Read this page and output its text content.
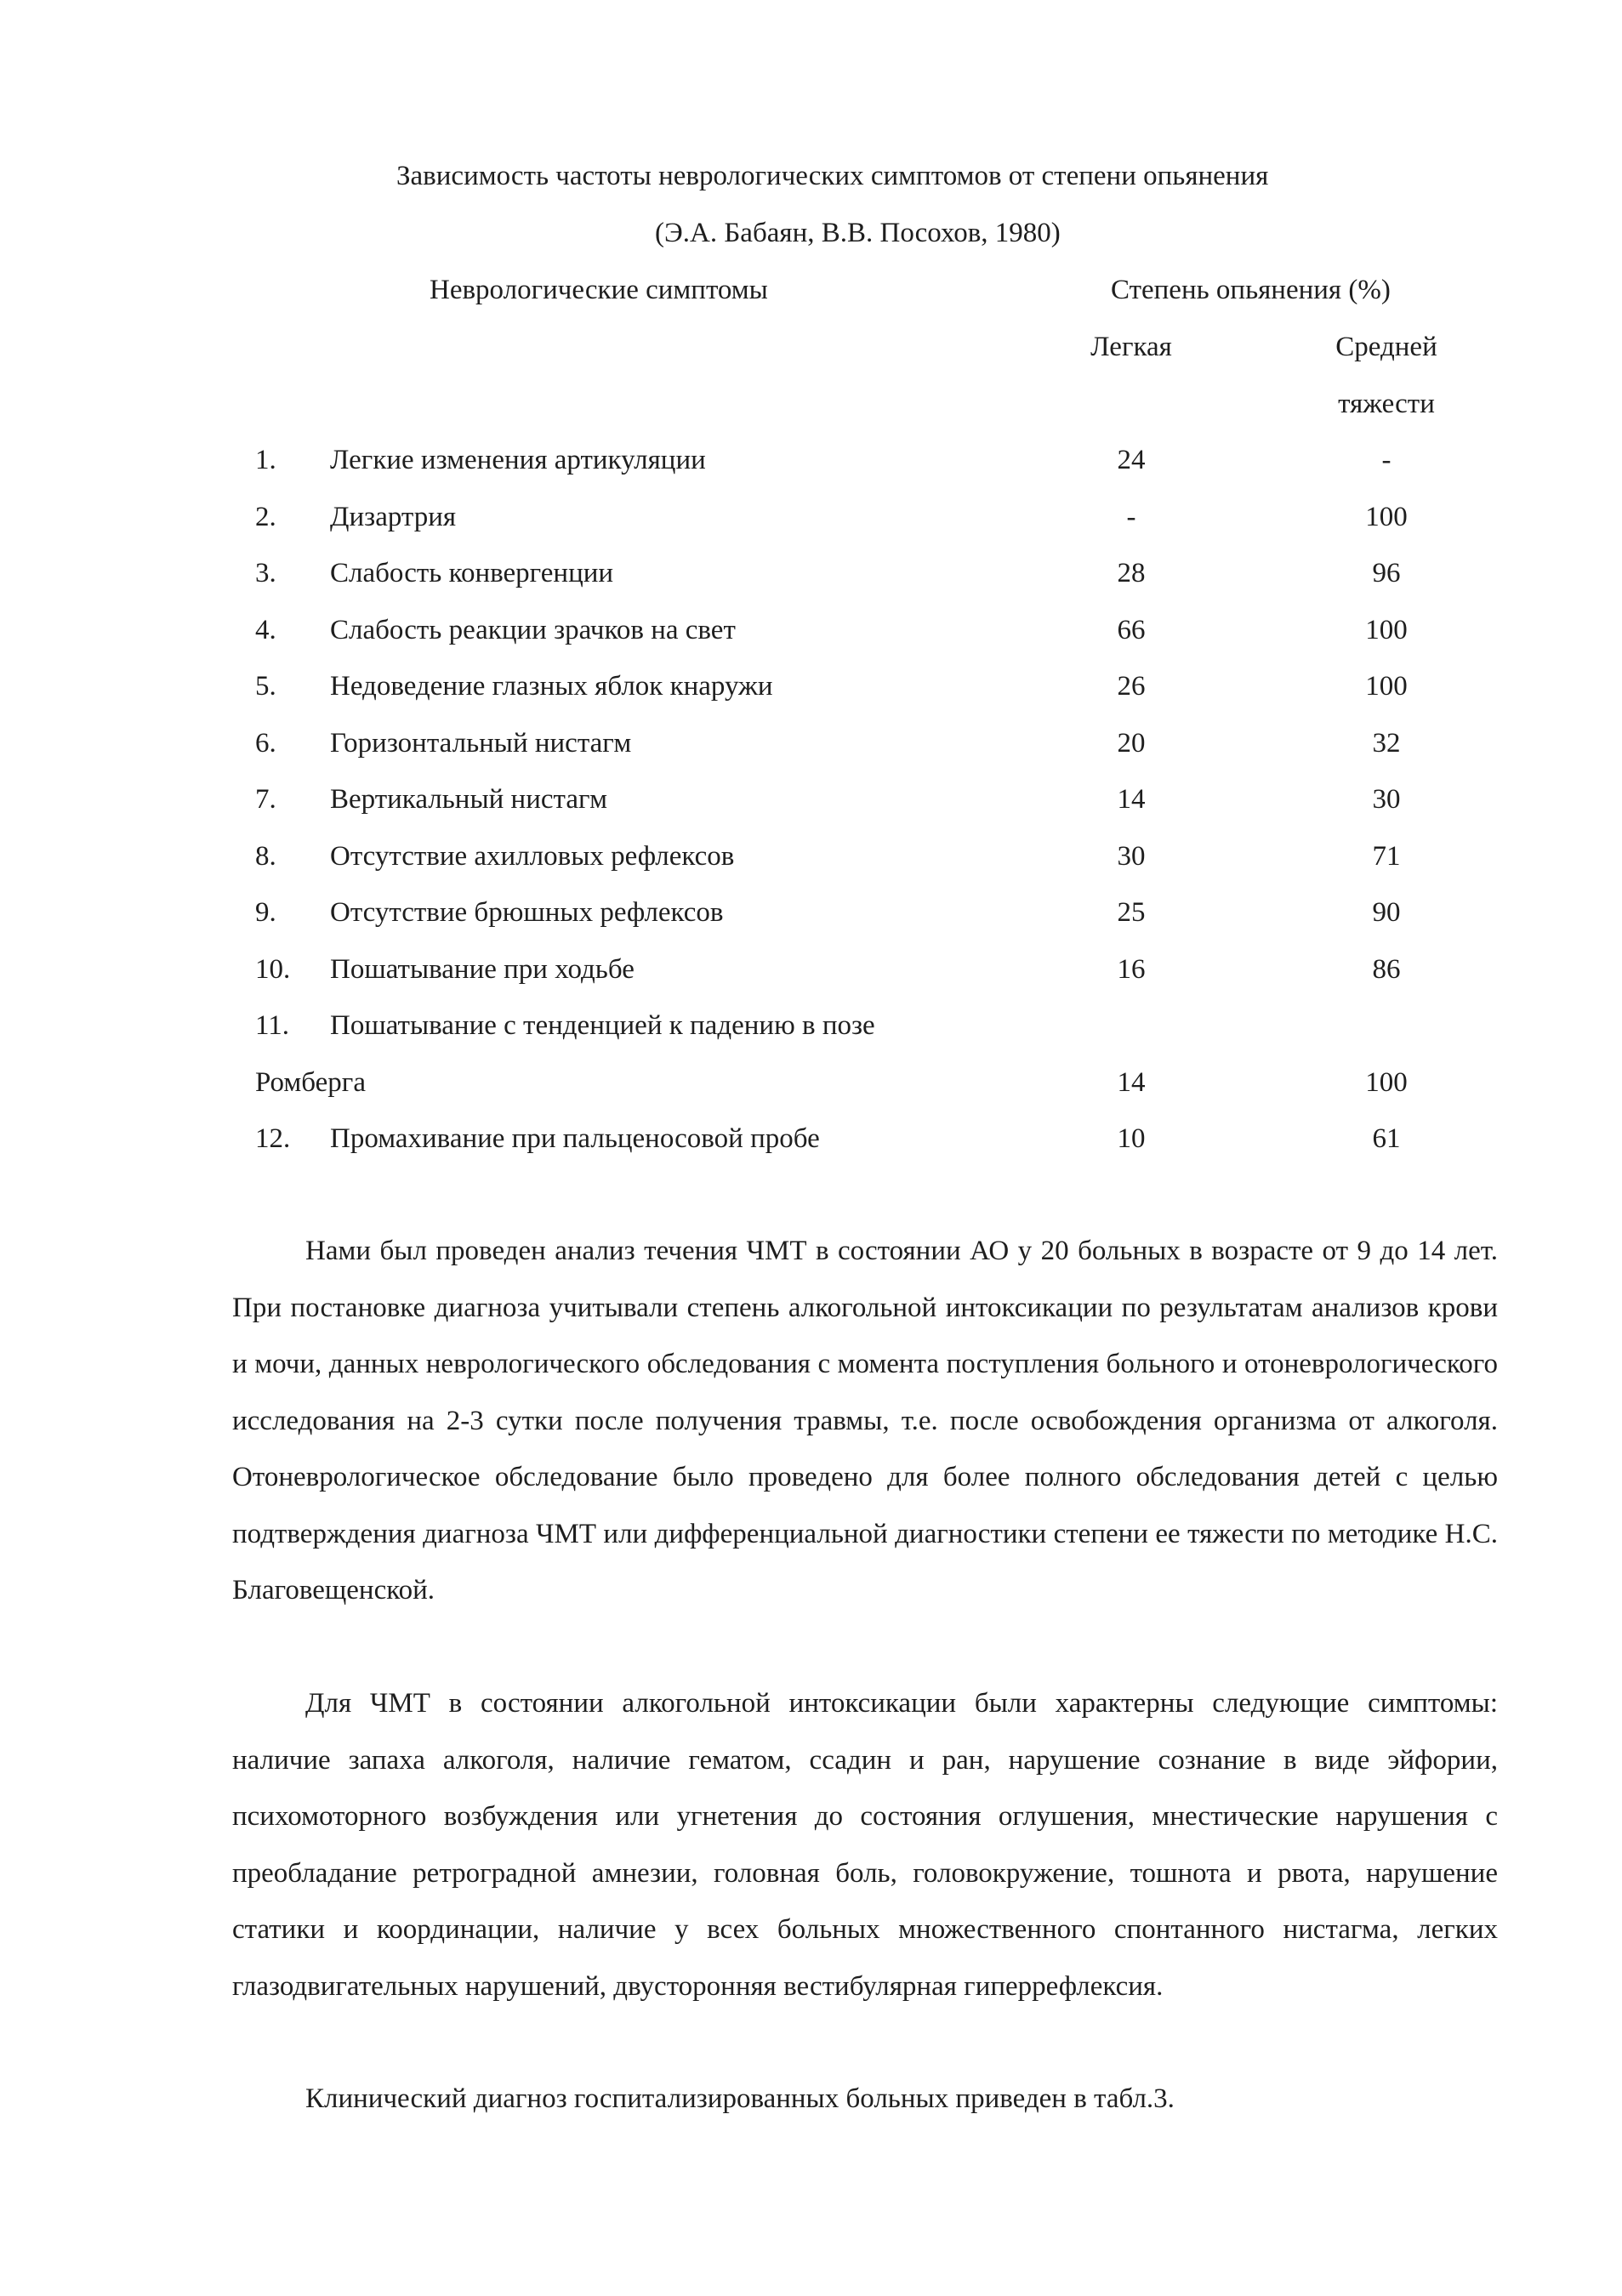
Зависимость частоты неврологических симптомов от степени опьянения
(Э.А. Бабаян, В.В. Посохов, 1980)
Неврологические симптомы	Степень опьянения (%)
Легкая	Средней
тяжести
1.	Легкие изменения артикуляции	24	-
2.	Дизартрия	-	100
3.	Слабость конвергенции	28	96
4.	Слабость реакции зрачков на свет	66	100
5.	Недоведение глазных яблок кнаружи	26	100
6.	Горизонтальный нистагм	20	32
7.	Вертикальный нистагм	14	30
8.	Отсутствие ахилловых рефлексов	30	71
9.	Отсутствие брюшных рефлексов	25	90
10.	Пошатывание при ходьбе	16	86
11.	Пошатывание с тенденцией к падению в позе
Ромберга	14	100
12.	Промахивание при пальценосовой пробе	10	61

Нами был проведен анализ течения ЧМТ в состоянии АО у 20 больных в возрасте от 9 до 14 лет. При постановке диагноза учитывали степень алкогольной интоксикации по результатам анализов крови и мочи, данных неврологического обследования с момента поступления больного и отоневрологического исследования на 2-3 сутки после получения травмы, т.е. после освобождения организма от алкоголя. Отоневрологическое обследование было проведено для более полного обследования детей с целью подтверждения диагноза ЧМТ или дифференциальной диагностики степени ее тяжести по методике Н.С. Благовещенской.

Для ЧМТ в состоянии алкогольной интоксикации были характерны следующие симптомы: наличие запаха алкоголя, наличие гематом, ссадин и ран, нарушение сознание в виде эйфории, психомоторного возбуждения или угнетения до состояния оглушения, мнестические нарушения с преобладание ретроградной амнезии, головная боль, головокружение, тошнота и рвота, нарушение статики и координации, наличие у всех больных множественного спонтанного нистагма, легких глазодвигательных нарушений, двусторонняя вестибулярная гиперрефлексия.

Клинический диагноз госпитализированных больных приведен в табл.3.
